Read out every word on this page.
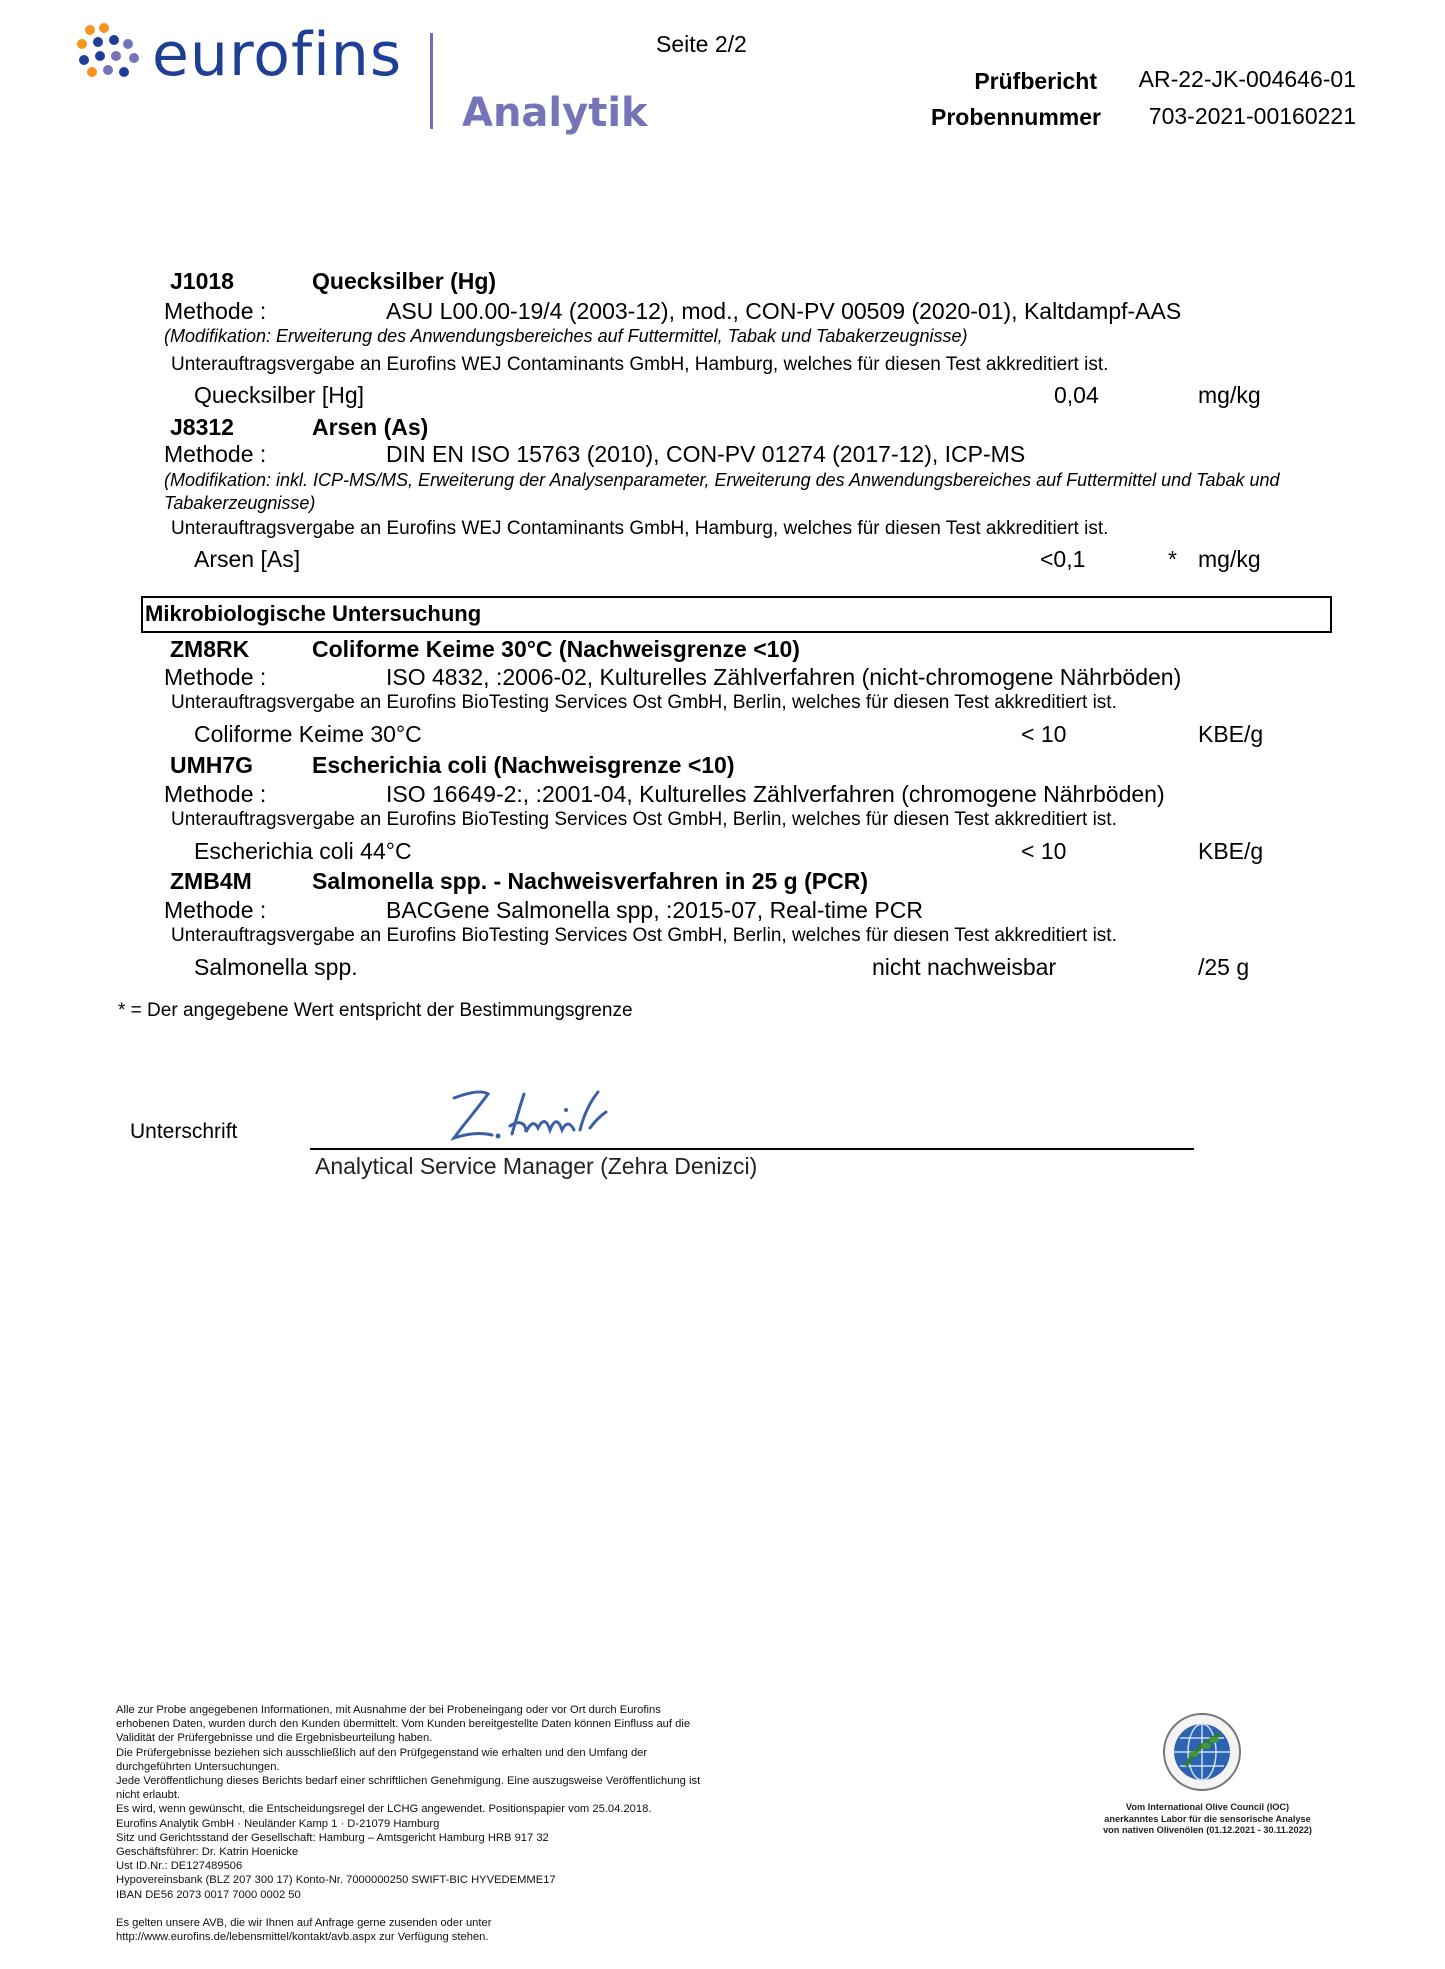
eurofins
Analytik
Seite 2/2
Prüfbericht AR-22-JK-004646-01
Probennummer 703-2021-00160221
J1018	Quecksilber (Hg)
Methode :	ASU L00.00-19/4 (2003-12), mod., CON-PV 00509 (2020-01), Kaltdampf-AAS
(Modifikation: Erweiterung des Anwendungsbereiches auf Futtermittel, Tabak und Tabakerzeugnisse)
Unterauftragsvergabe an Eurofins WEJ Contaminants GmbH, Hamburg, welches für diesen Test akkreditiert ist.
Quecksilber [Hg]	0,04	mg/kg
J8312	Arsen (As)
Methode :	DIN EN ISO 15763 (2010), CON-PV 01274 (2017-12), ICP-MS
(Modifikation: inkl. ICP-MS/MS, Erweiterung der Analysenparameter, Erweiterung des Anwendungsbereiches auf Futtermittel und Tabak und Tabakerzeugnisse)
Unterauftragsvergabe an Eurofins WEJ Contaminants GmbH, Hamburg, welches für diesen Test akkreditiert ist.
Arsen [As]	<0,1	* mg/kg
Mikrobiologische Untersuchung
ZM8RK	Coliforme Keime 30°C (Nachweisgrenze <10)
Methode :	ISO 4832, :2006-02, Kulturelles Zählverfahren (nicht-chromogene Nährböden)
Unterauftragsvergabe an Eurofins BioTesting Services Ost GmbH, Berlin, welches für diesen Test akkreditiert ist.
Coliforme Keime 30°C	< 10	KBE/g
UMH7G	Escherichia coli (Nachweisgrenze <10)
Methode :	ISO 16649-2:, :2001-04, Kulturelles Zählverfahren (chromogene Nährböden)
Unterauftragsvergabe an Eurofins BioTesting Services Ost GmbH, Berlin, welches für diesen Test akkreditiert ist.
Escherichia coli 44°C	< 10	KBE/g
ZMB4M	Salmonella spp. - Nachweisverfahren in 25 g (PCR)
Methode :	BACGene Salmonella spp, :2015-07, Real-time PCR
Unterauftragsvergabe an Eurofins BioTesting Services Ost GmbH, Berlin, welches für diesen Test akkreditiert ist.
Salmonella spp.	nicht nachweisbar	/25 g
* = Der angegebene Wert entspricht der Bestimmungsgrenze
Unterschrift
Analytical Service Manager (Zehra Denizci)
Alle zur Probe angegebenen Informationen, mit Ausnahme der bei Probeneingang oder vor Ort durch Eurofins
erhobenen Daten, wurden durch den Kunden übermittelt. Vom Kunden bereitgestellte Daten können Einfluss auf die
Validität der Prüfergebnisse und die Ergebnisbeurteilung haben.
Die Prüfergebnisse beziehen sich ausschließlich auf den Prüfgegenstand wie erhalten und den Umfang der
durchgeführten Untersuchungen.
Jede Veröffentlichung dieses Berichts bedarf einer schriftlichen Genehmigung. Eine auszugsweise Veröffentlichung ist
nicht erlaubt.
Es wird, wenn gewünscht, die Entscheidungsregel der LCHG angewendet. Positionspapier vom 25.04.2018.
Eurofins Analytik GmbH · Neuländer Kamp 1 · D-21079 Hamburg
Sitz und Gerichtsstand der Gesellschaft: Hamburg – Amtsgericht Hamburg HRB 917 32
Geschäftsführer: Dr. Katrin Hoenicke
Ust ID.Nr.: DE127489506
Hypovereinsbank (BLZ 207 300 17) Konto-Nr. 7000000250 SWIFT-BIC HYVEDEMME17
IBAN DE56 2073 0017 7000 0002 50

Es gelten unsere AVB, die wir Ihnen auf Anfrage gerne zusenden oder unter
http://www.eurofins.de/lebensmittel/kontakt/avb.aspx zur Verfügung stehen.
Vom International Olive Council (IOC) anerkanntes Labor für die sensorische Analyse von nativen Olivenölen (01.12.2021 - 30.11.2022)
